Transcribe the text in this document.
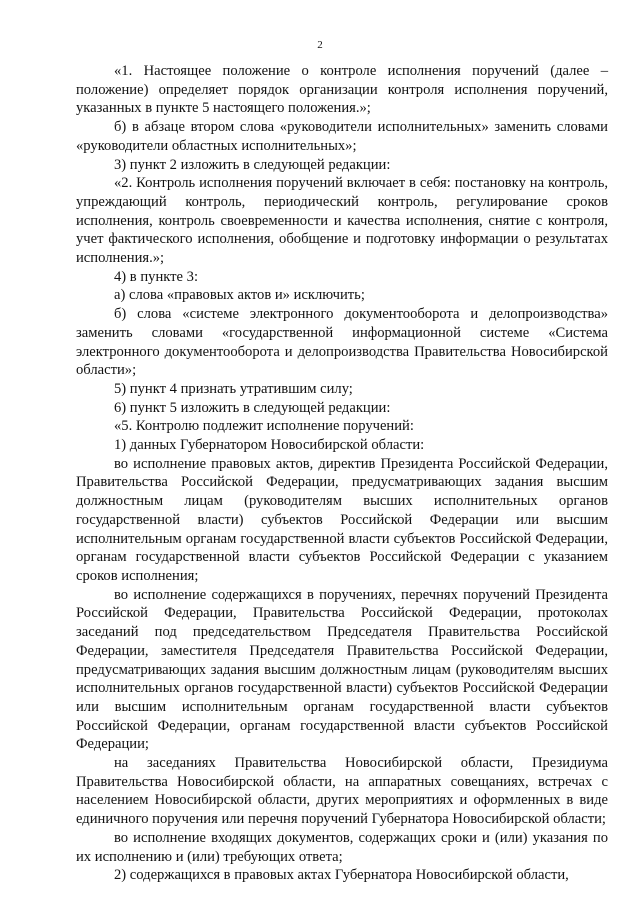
2

«1. Настоящее положение о контроле исполнения поручений (далее – положение) определяет порядок организации контроля исполнения поручений, указанных в пункте 5 настоящего положения.»;

б) в абзаце втором слова «руководители исполнительных» заменить словами «руководители областных исполнительных»;

3) пункт 2 изложить в следующей редакции:

«2. Контроль исполнения поручений включает в себя: постановку на контроль, упреждающий контроль, периодический контроль, регулирование сроков исполнения, контроль своевременности и качества исполнения, снятие с контроля, учет фактического исполнения, обобщение и подготовку информации о результатах исполнения.»;

4) в пункте 3:

а) слова «правовых актов и» исключить;

б) слова «системе электронного документооборота и делопроизводства» заменить словами «государственной информационной системе «Система электронного документооборота и делопроизводства Правительства Новосибирской области»;

5) пункт 4 признать утратившим силу;

6) пункт 5 изложить в следующей редакции:

«5. Контролю подлежит исполнение поручений:

1) данных Губернатором Новосибирской области:

во исполнение правовых актов, директив Президента Российской Федерации, Правительства Российской Федерации, предусматривающих задания высшим должностным лицам (руководителям высших исполнительных органов государственной власти) субъектов Российской Федерации или высшим исполнительным органам государственной власти субъектов Российской Федерации, органам государственной власти субъектов Российской Федерации с указанием сроков исполнения;

во исполнение содержащихся в поручениях, перечнях поручений Президента Российской Федерации, Правительства Российской Федерации, протоколах заседаний под председательством Председателя Правительства Российской Федерации, заместителя Председателя Правительства Российской Федерации, предусматривающих задания высшим должностным лицам (руководителям высших исполнительных органов государственной власти) субъектов Российской Федерации или высшим исполнительным органам государственной власти субъектов Российской Федерации, органам государственной власти субъектов Российской Федерации;

на заседаниях Правительства Новосибирской области, Президиума Правительства Новосибирской области, на аппаратных совещаниях, встречах с населением Новосибирской области, других мероприятиях и оформленных в виде единичного поручения или перечня поручений Губернатора Новосибирской области;

во исполнение входящих документов, содержащих сроки и (или) указания по их исполнению и (или) требующих ответа;

2) содержащихся в правовых актах Губернатора Новосибирской области,
